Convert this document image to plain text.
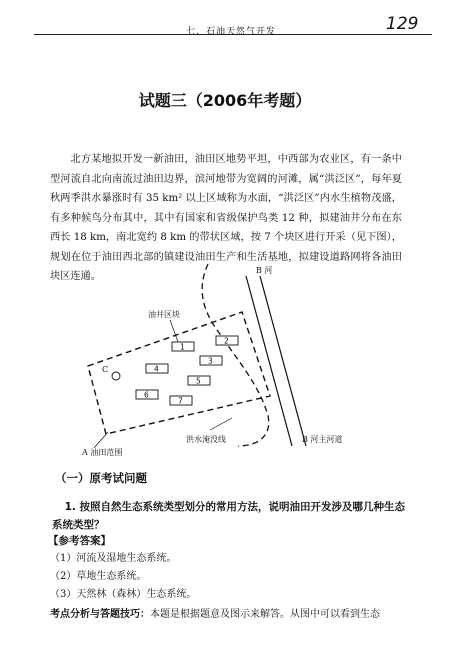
七、石油天然气开发	129
试题三（2006年考题）
北方某地拟开发一新油田，油田区地势平坦，中西部为农业区，有一条中型河流自北向南流过油田边界，滨河地带为宽阔的河滩，属“洪泛区”，每年夏秋两季洪水暴涨时有 35 km² 以上区域称为水面，“洪泛区”内水生植物茂盛，有多种候鸟分布其中，其中有国家和省级保护鸟类 12 种，拟建油井分布在东西长 18 km，南北宽约 8 km 的带状区域，按 7 个块区进行开采（见下图），规划在位于油田西北部的镇建设油田生产和生活基地，拟建设道路网将各油田块区连通。
C
1
2
3
4
5
6
7
油井区块
B 河
洪水淹没线
A 油田范围
B 河主河道
（一）原考试问题
1. 按照自然生态系统类型划分的常用方法，说明油田开发涉及哪几种生态系统类型？
【参考答案】
（1）河流及湿地生态系统。
（2）草地生态系统。
（3）天然林（森林）生态系统。
考点分析与答题技巧：本题是根据题意及图示来解答。从图中可以看到生态
